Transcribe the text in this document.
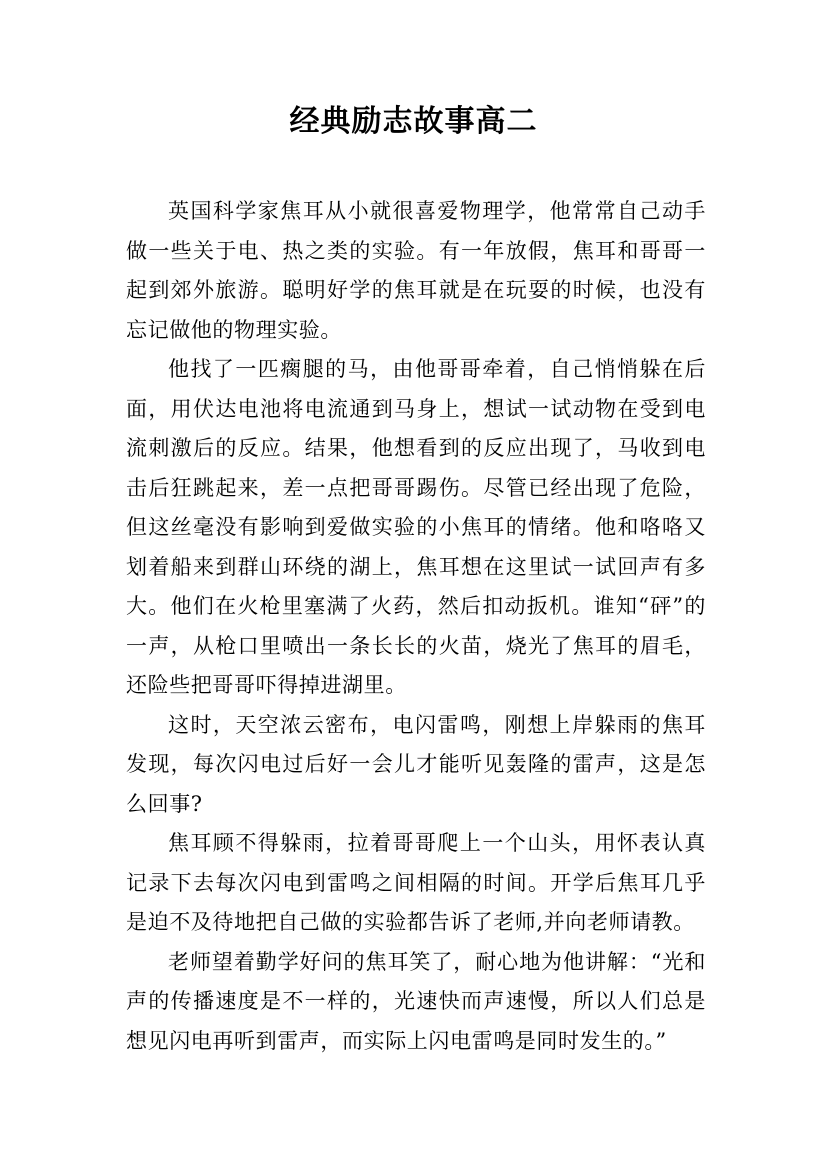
经典励志故事高二

英国科学家焦耳从小就很喜爱物理学，他常常自己动手做一些关于电、热之类的实验。有一年放假，焦耳和哥哥一起到郊外旅游。聪明好学的焦耳就是在玩耍的时候，也没有忘记做他的物理实验。

他找了一匹瘸腿的马，由他哥哥牵着，自己悄悄躲在后面，用伏达电池将电流通到马身上，想试一试动物在受到电流刺激后的反应。结果，他想看到的反应出现了，马收到电击后狂跳起来，差一点把哥哥踢伤。尽管已经出现了危险，但这丝毫没有影响到爱做实验的小焦耳的情绪。他和咯咯又划着船来到群山环绕的湖上，焦耳想在这里试一试回声有多大。他们在火枪里塞满了火药，然后扣动扳机。谁知“砰”的一声，从枪口里喷出一条长长的火苗，烧光了焦耳的眉毛，还险些把哥哥吓得掉进湖里。

这时，天空浓云密布，电闪雷鸣，刚想上岸躲雨的焦耳发现，每次闪电过后好一会儿才能听见轰隆的雷声，这是怎么回事?

焦耳顾不得躲雨，拉着哥哥爬上一个山头，用怀表认真记录下去每次闪电到雷鸣之间相隔的时间。开学后焦耳几乎是迫不及待地把自己做的实验都告诉了老师,并向老师请教。

老师望着勤学好问的焦耳笑了，耐心地为他讲解：“光和声的传播速度是不一样的，光速快而声速慢，所以人们总是想见闪电再听到雷声，而实际上闪电雷鸣是同时发生的。”
